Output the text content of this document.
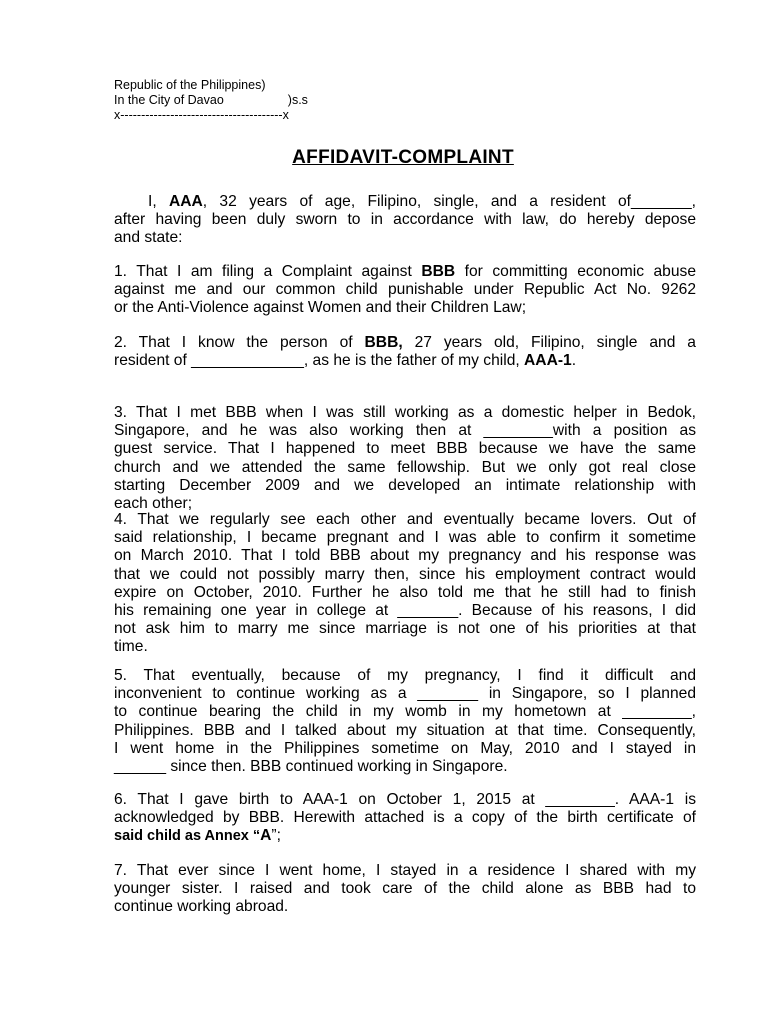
Republic of the Philippines)
In the City of Davao	)s.s
x---------------------------------------x
AFFIDAVIT-COMPLAINT
I, AAA, 32 years of age, Filipino, single, and a resident of_______,
after having been duly sworn to in accordance with law, do hereby depose
and state:
1. That I am filing a Complaint against BBB for committing economic abuse
against me and our common child punishable under Republic Act No. 9262
or the Anti-Violence against Women and their Children Law;
2. That I know the person of BBB, 27 years old, Filipino, single and a
resident of _____________, as he is the father of my child, AAA-1.
3. That I met BBB when I was still working as a domestic helper in Bedok,
Singapore, and he was also working then at ________with a position as
guest service. That I happened to meet BBB because we have the same
church and we attended the same fellowship. But we only got real close
starting December 2009 and we developed an intimate relationship with
each other;
4. That we regularly see each other and eventually became lovers. Out of
said relationship, I became pregnant and I was able to confirm it sometime
on March 2010. That I told BBB about my pregnancy and his response was
that we could not possibly marry then, since his employment contract would
expire on October, 2010. Further he also told me that he still had to finish
his remaining one year in college at _______. Because of his reasons, I did
not ask him to marry me since marriage is not one of his priorities at that
time.
5. That eventually, because of my pregnancy, I find it difficult and
inconvenient to continue working as a _______ in Singapore, so I planned
to continue bearing the child in my womb in my hometown at ________,
Philippines. BBB and I talked about my situation at that time. Consequently,
I went home in the Philippines sometime on May, 2010 and I stayed in
______ since then. BBB continued working in Singapore.
6. That I gave birth to AAA-1 on October 1, 2015 at ________. AAA-1 is
acknowledged by BBB. Herewith attached is a copy of the birth certificate of
said child as Annex “A”;
7. That ever since I went home, I stayed in a residence I shared with my
younger sister. I raised and took care of the child alone as BBB had to
continue working abroad.
